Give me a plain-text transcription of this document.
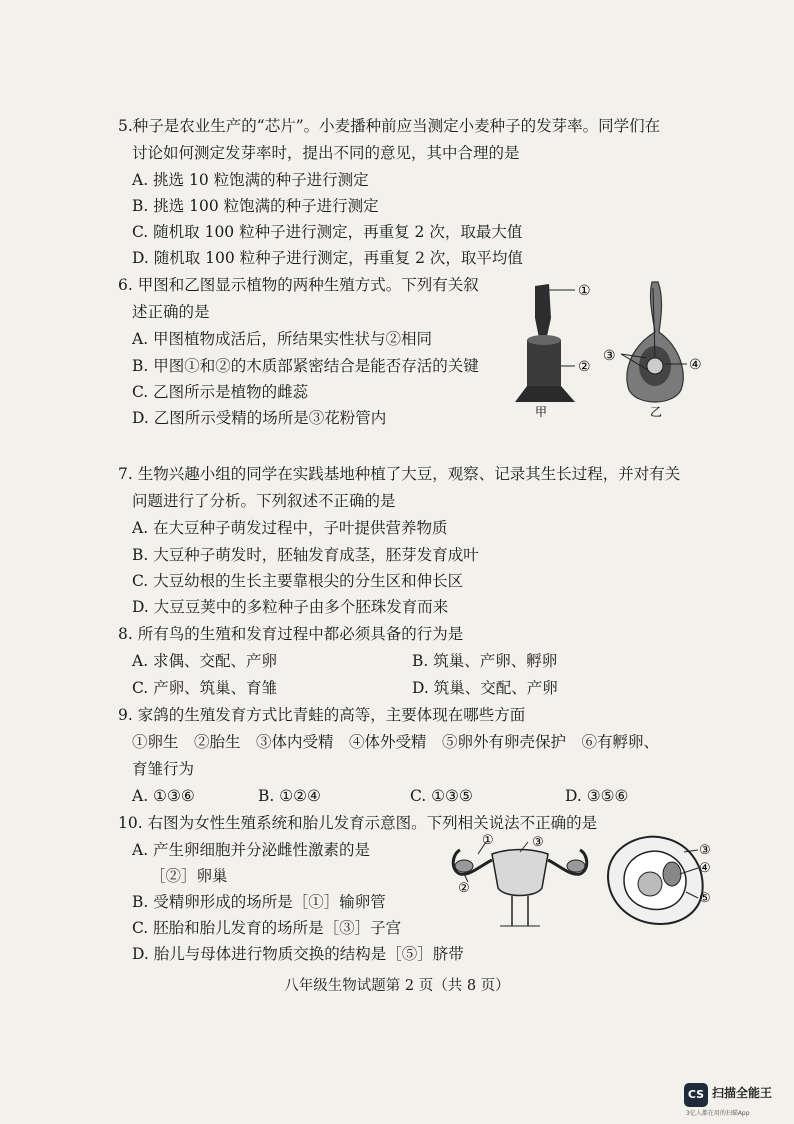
5.种子是农业生产的“芯片”。小麦播种前应当测定小麦种子的发芽率。同学们在
讨论如何测定发芽率时，提出不同的意见，其中合理的是
A. 挑选 10 粒饱满的种子进行测定
B. 挑选 100 粒饱满的种子进行测定
C. 随机取 100 粒种子进行测定，再重复 2 次，取最大值
D. 随机取 100 粒种子进行测定，再重复 2 次，取平均值
6. 甲图和乙图显示植物的两种生殖方式。下列有关叙
述正确的是
A. 甲图植物成活后，所结果实性状与②相同
B. 甲图①和②的木质部紧密结合是能否存活的关键
C. 乙图所示是植物的雌蕊
D. 乙图所示受精的场所是③花粉管内
①
②
甲
③
④
乙
7. 生物兴趣小组的同学在实践基地种植了大豆，观察、记录其生长过程，并对有关
问题进行了分析。下列叙述不正确的是
A. 在大豆种子萌发过程中，子叶提供营养物质
B. 大豆种子萌发时，胚轴发育成茎，胚芽发育成叶
C. 大豆幼根的生长主要靠根尖的分生区和伸长区
D. 大豆豆荚中的多粒种子由多个胚珠发育而来
8. 所有鸟的生殖和发育过程中都必须具备的行为是
A. 求偶、交配、产卵	B. 筑巢、产卵、孵卵
C. 产卵、筑巢、育雏	D. 筑巢、交配、产卵
9. 家鸽的生殖发育方式比青蛙的高等，主要体现在哪些方面
①卵生　②胎生　③体内受精　④体外受精　⑤卵外有卵壳保护　⑥有孵卵、
育雏行为
A. ①③⑥	B. ①②④	C. ①③⑤	D. ③⑤⑥
10. 右图为女性生殖系统和胎儿发育示意图。下列相关说法不正确的是
A. 产生卵细胞并分泌雌性激素的是
［②］卵巢
B. 受精卵形成的场所是［①］输卵管
C. 胚胎和胎儿发育的场所是［③］子宫
D. 胎儿与母体进行物质交换的结构是［⑤］脐带
①	③
②
③
④
⑤
八年级生物试题第 2 页（共 8 页）
CS 扫描全能王
3亿人都在用的扫描App
